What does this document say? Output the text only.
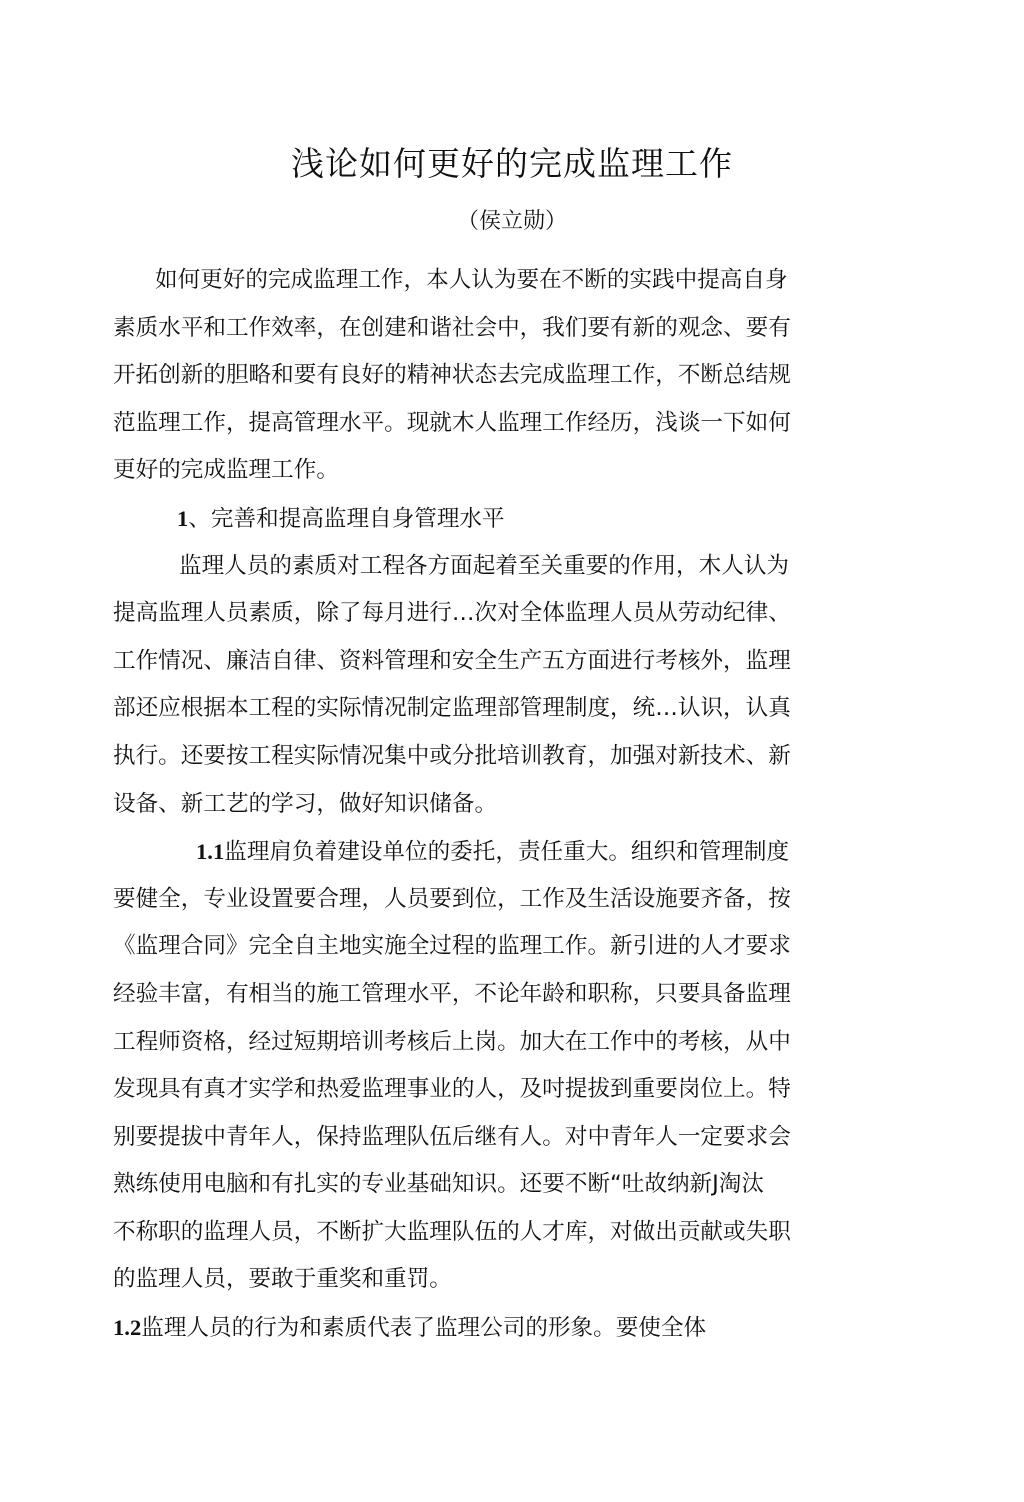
浅论如何更好的完成监理工作
（侯立勋）
如何更好的完成监理工作，本人认为要在不断的实践中提高自身
素质水平和工作效率，在创建和谐社会中，我们要有新的观念、要有
开拓创新的胆略和要有良好的精神状态去完成监理工作，不断总结规
范监理工作，提高管理水平。现就木人监理工作经历，浅谈一下如何
更好的完成监理工作。
1、完善和提高监理自身管理水平
监理人员的素质对工程各方面起着至关重要的作用，木人认为
提高监理人员素质，除了每月进行…次对全体监理人员从劳动纪律、
工作情况、廉洁自律、资料管理和安全生产五方面进行考核外，监理
部还应根据本工程的实际情况制定监理部管理制度，统…认识，认真
执行。还要按工程实际情况集中或分批培训教育，加强对新技术、新
设备、新工艺的学习，做好知识储备。
1.1监理肩负着建设单位的委托，责任重大。组织和管理制度
要健全，专业设置要合理，人员要到位，工作及生活设施要齐备，按
《监理合同》完全自主地实施全过程的监理工作。新引进的人才要求
经验丰富，有相当的施工管理水平，不论年龄和职称，只要具备监理
工程师资格，经过短期培训考核后上岗。加大在工作中的考核，从中
发现具有真才实学和热爱监理事业的人，及吋提拔到重要岗位上。特
别要提拔中青年人，保持监理队伍后继有人。对中青年人一定要求会
熟练使用电脑和有扎实的专业基础知识。还要不断“吐故纳新J淘汰
不称职的监理人员，不断扩大监理队伍的人才库，对做出贡献或失职
的监理人员，要敢于重奖和重罚。
1.2监理人员的行为和素质代表了监理公司的形象。要使全体
